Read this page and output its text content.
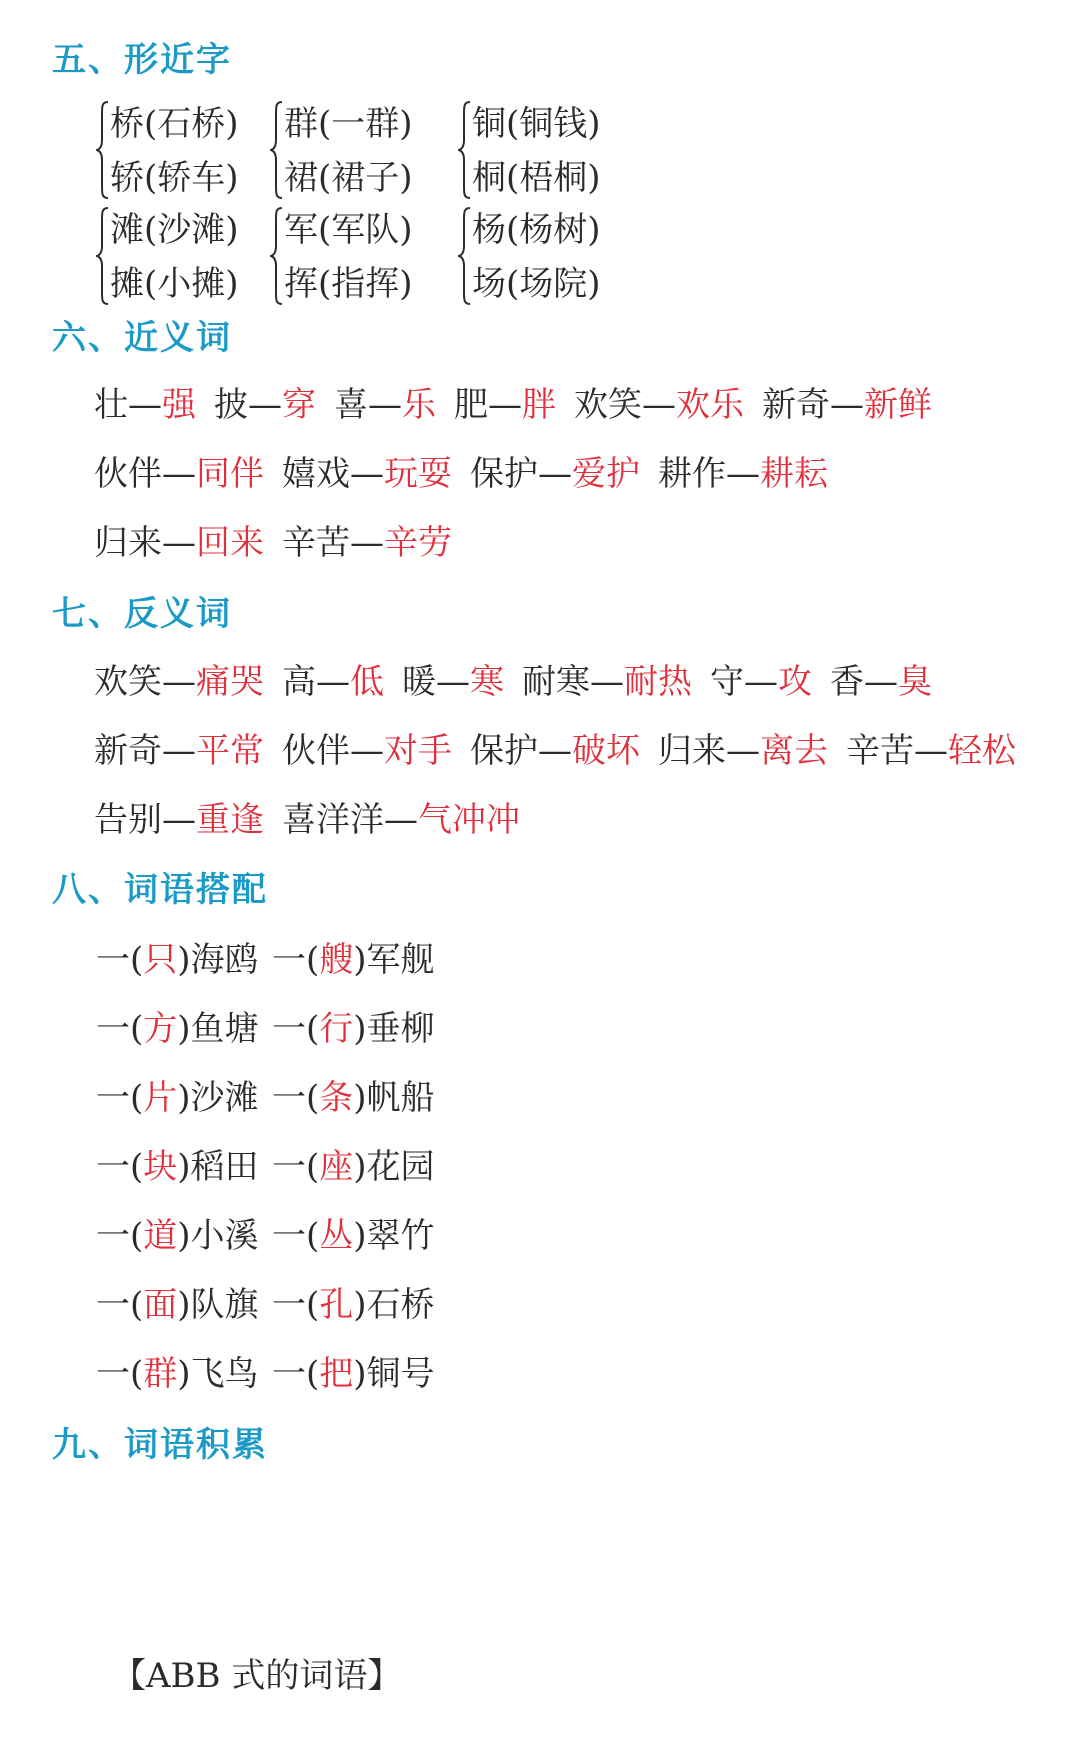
五、形近字
桥(石桥)
轿(轿车)
群(一群)
裙(裙子)
铜(铜钱)
桐(梧桐)
滩(沙滩)
摊(小摊)
军(军队)
挥(指挥)
杨(杨树)
场(场院)
六、近义词
壮—强 披—穿 喜—乐 肥—胖 欢笑—欢乐 新奇—新鲜
伙伴—同伴 嬉戏—玩耍 保护—爱护 耕作—耕耘
归来—回来 辛苦—辛劳
七、反义词
欢笑—痛哭 高—低 暖—寒 耐寒—耐热 守—攻 香—臭
新奇—平常 伙伴—对手 保护—破坏 归来—离去 辛苦—轻松
告别—重逢 喜洋洋—气冲冲
八、词语搭配
一(只)海鸥 一(艘)军舰
一(方)鱼塘 一(行)垂柳
一(片)沙滩 一(条)帆船
一(块)稻田 一(座)花园
一(道)小溪 一(丛)翠竹
一(面)队旗 一(孔)石桥
一(群)飞鸟 一(把)铜号
九、词语积累
【ABB 式的词语】
